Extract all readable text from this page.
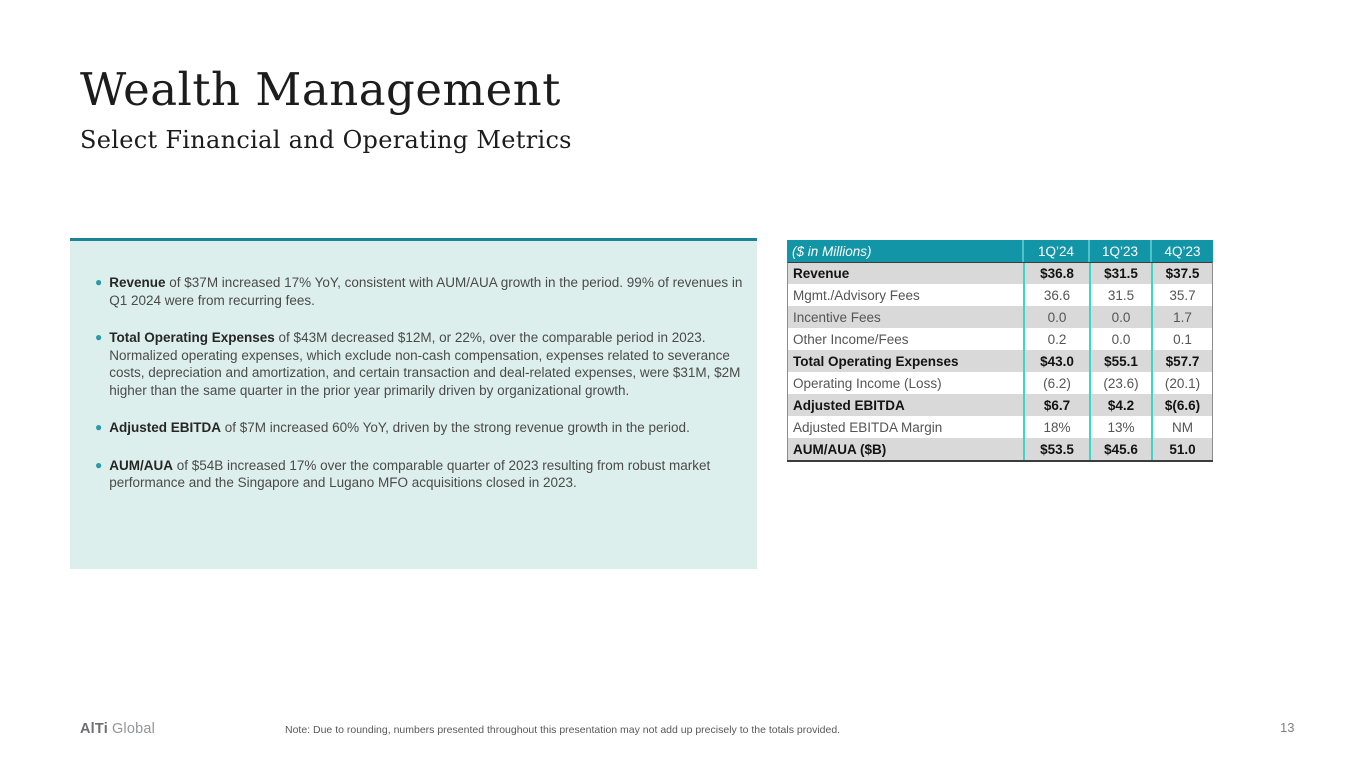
Wealth Management
Select Financial and Operating Metrics
● Revenue of $37M increased 17% YoY, consistent with AUM/AUA growth in the period. 99% of revenues in Q1 2024 were from recurring fees.
● Total Operating Expenses of $43M decreased $12M, or 22%, over the comparable period in 2023. Normalized operating expenses, which exclude non-cash compensation, expenses related to severance costs, depreciation and amortization, and certain transaction and deal-related expenses, were $31M, $2M higher than the same quarter in the prior year primarily driven by organizational growth.
● Adjusted EBITDA of $7M increased 60% YoY, driven by the strong revenue growth in the period.
● AUM/AUA of $54B increased 17% over the comparable quarter of 2023 resulting from robust market performance and the Singapore and Lugano MFO acquisitions closed in 2023.
($ in Millions)	1Q’24	1Q’23	4Q’23
Revenue	$36.8	$31.5	$37.5
Mgmt./Advisory Fees	36.6	31.5	35.7
Incentive Fees	0.0	0.0	1.7
Other Income/Fees	0.2	0.0	0.1
Total Operating Expenses	$43.0	$55.1	$57.7
Operating Income (Loss)	(6.2)	(23.6)	(20.1)
Adjusted EBITDA	$6.7	$4.2	$(6.6)
Adjusted EBITDA Margin	18%	13%	NM
AUM/AUA ($B)	$53.5	$45.6	51.0
AlTi Global	Note: Due to rounding, numbers presented throughout this presentation may not add up precisely to the totals provided.	13
